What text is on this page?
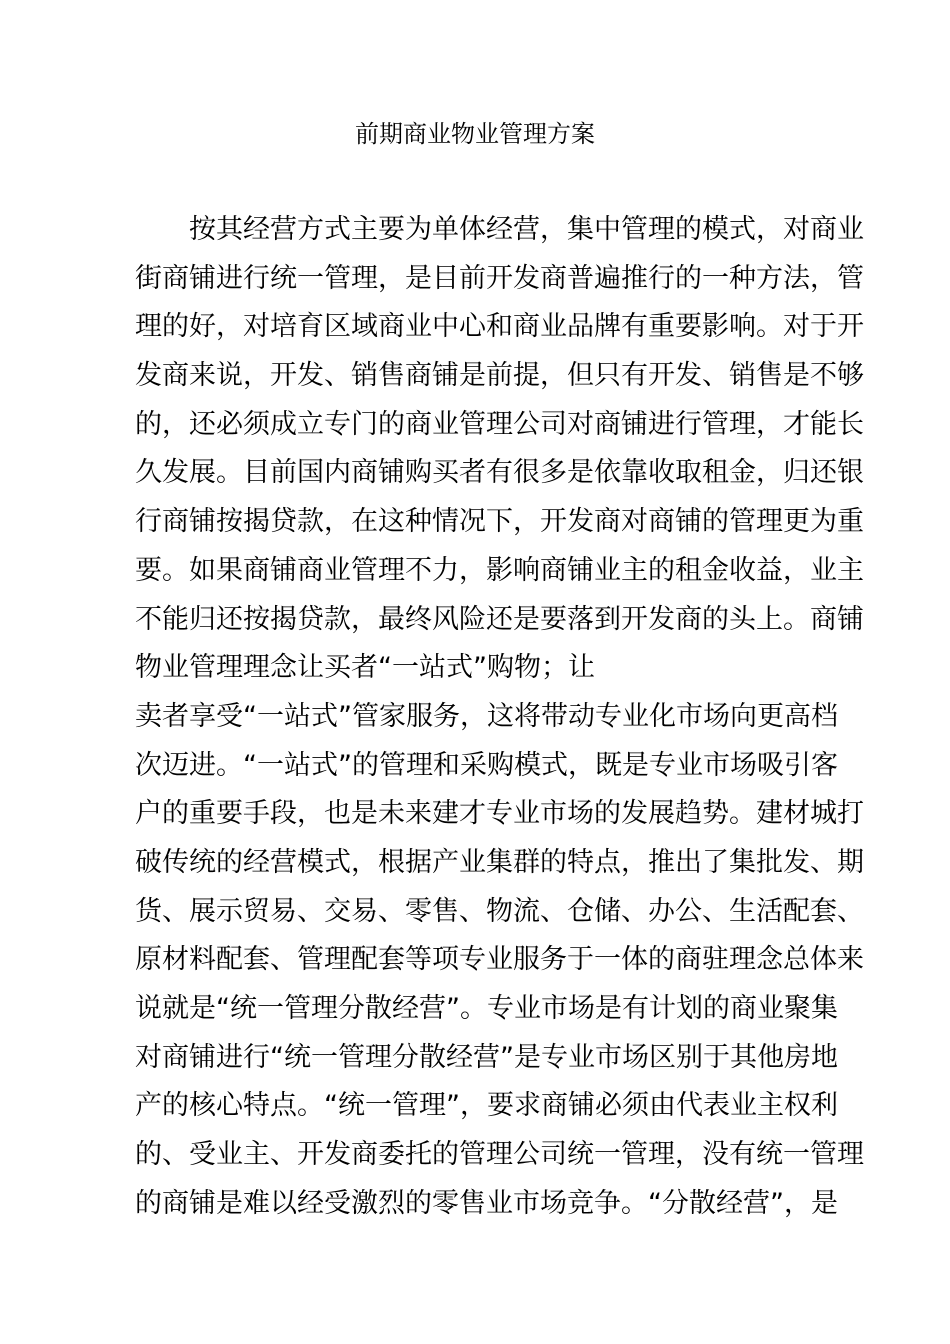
前期商业物业管理方案
按其经营方式主要为单体经营，集中管理的模式，对商业
街商铺进行统一管理，是目前开发商普遍推行的一种方法，管
理的好，对培育区域商业中心和商业品牌有重要影响。对于开
发商来说，开发、销售商铺是前提，但只有开发、销售是不够
的，还必须成立专门的商业管理公司对商铺进行管理，才能长
久发展。目前国内商铺购买者有很多是依靠收取租金，归还银
行商铺按揭贷款，在这种情况下，开发商对商铺的管理更为重
要。如果商铺商业管理不力，影响商铺业主的租金收益，业主
不能归还按揭贷款，最终风险还是要落到开发商的头上。商铺
物业管理理念让买者“一站式”购物；让
卖者享受“一站式”管家服务，这将带动专业化市场向更高档
次迈进。“一站式”的管理和采购模式，既是专业市场吸引客
户的重要手段，也是未来建才专业市场的发展趋势。建材城打
破传统的经营模式，根据产业集群的特点，推出了集批发、期
货、展示贸易、交易、零售、物流、仓储、办公、生活配套、
原材料配套、管理配套等项专业服务于一体的商驻理念总体来
说就是“统一管理分散经营”。专业市场是有计划的商业聚集
对商铺进行“统一管理分散经营”是专业市场区别于其他房地
产的核心特点。“统一管理”，要求商铺必须由代表业主权利
的、受业主、开发商委托的管理公司统一管理，没有统一管理
的商铺是难以经受激烈的零售业市场竞争。“分散经营”，是
